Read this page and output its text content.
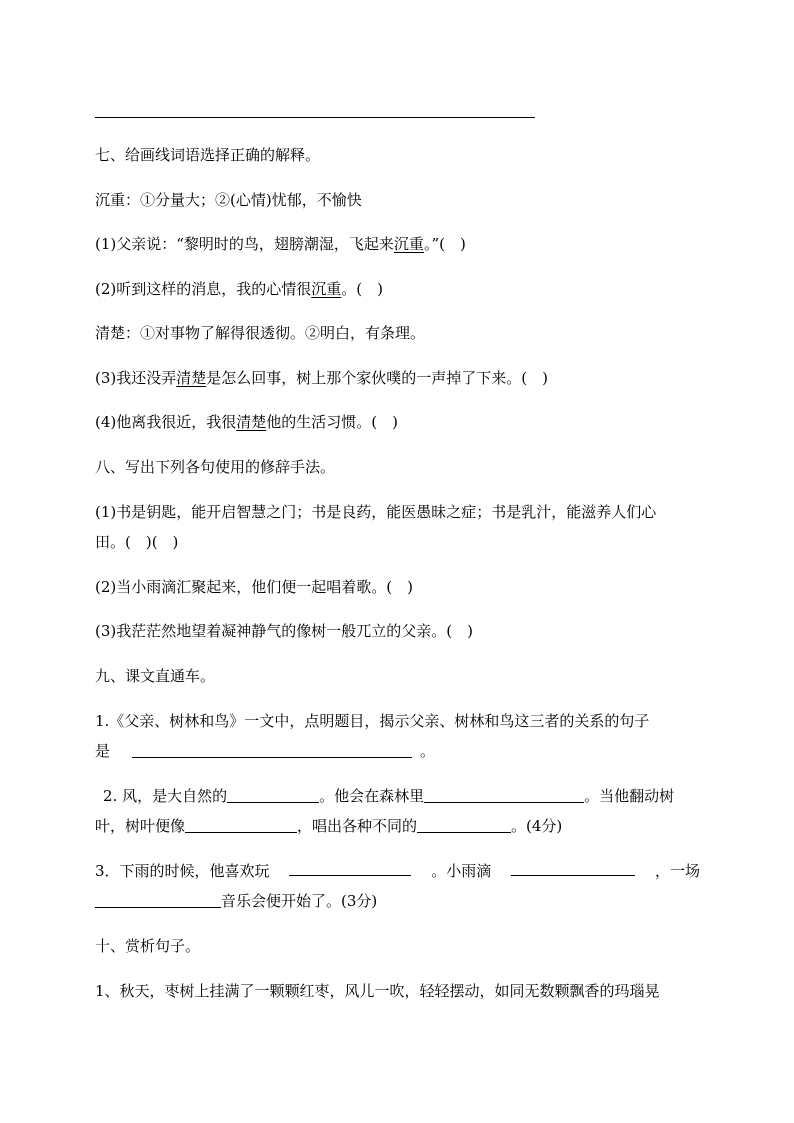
七、给画线词语选择正确的解释。
沉重：①分量大；②(心情)忧郁，不愉快
(1)父亲说：“黎明时的鸟，翅膀潮湿，飞起来沉重。”(　)
(2)听到这样的消息，我的心情很沉重。(　)
清楚：①对事物了解得很透彻。②明白，有条理。
(3)我还没弄清楚是怎么回事，树上那个家伙噗的一声掉了下来。(　)
(4)他离我很近，我很清楚他的生活习惯。(　)
八、写出下列各句使用的修辞手法。
(1)书是钥匙，能开启智慧之门；书是良药，能医愚昧之症；书是乳汁，能滋养人们心
田。(　)(　)
(2)当小雨滴汇聚起来，他们便一起唱着歌。(　)
(3)我茫茫然地望着凝神静气的像树一般兀立的父亲。(　)
九、课文直通车。
1.《父亲、树林和鸟》一文中，点明题目，揭示父亲、树林和鸟这三者的关系的句子
是	。
2. 风，是大自然的	。他会在森林里	。当他翻动树
叶，树叶便像	，唱出各种不同的	。(4分)
3．下雨的时候，他喜欢玩	。小雨滴	，一场
音乐会便开始了。(3分)
十、赏析句子。
1、秋天，枣树上挂满了一颗颗红枣，风儿一吹，轻轻摆动，如同无数颗飘香的玛瑙晃
